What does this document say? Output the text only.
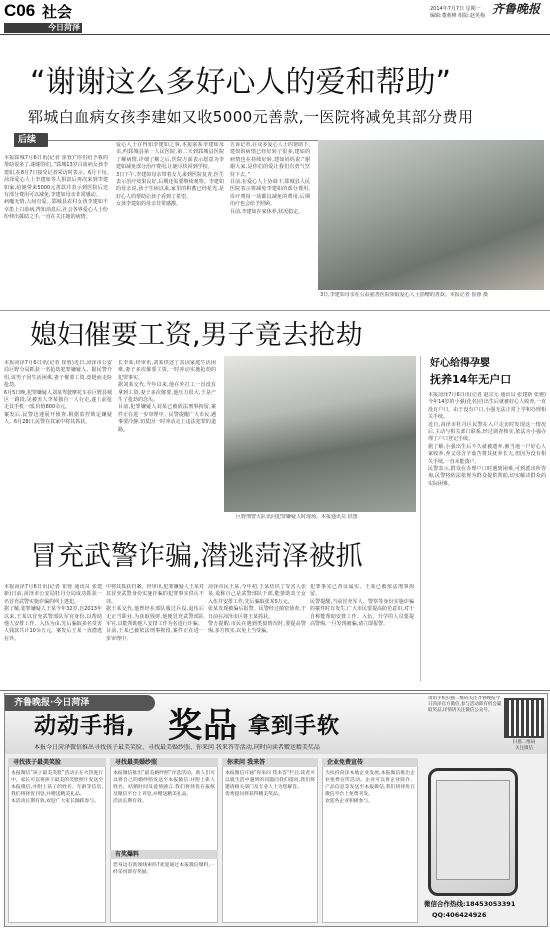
C06 社会
今日菏泽
2014年7月7日 星期一
编辑:董莉峰 组版:赵英梅 齐鲁晚报
“谢谢这么多好心人的爱和帮助”
郓城白血病女孩李建如又收5000元善款,一医院将减免其部分费用
后续
本报郓城7月6日讯(记者 崔蓉)“你们给予我的帮助很多了,谢谢你们。”郓城13岁白血病女孩李建如,在8月7日接受记者采访时表示。6月下旬,菏泽爱心人士李建如等人捐款后再次来到李建如家,给她带来5000元善款并表示到医院后还有部分费用可以减免,李建如母亲非常感动。
病魔无情,人间有爱。郓城县农村女孩李建如不幸患上白血病,得知消息后,社会各界爱心人士纷纷伸出援助之手,一直在关注她的病情。
爱心人士在得知李建如之事,本报联系李建如母亲,约郓城县第一人民医院,第二天到郓城县医院了解病情,详细了解之后,医院方面表示愿意为李建如减免部分治疗费用,让她尽快回到学校。
3日下午,李建如母亲带着女儿来到医院复查,医生表示治疗效果良好,后期还需要继续观察。李建如的母亲说,孩子生病以来,家里的积蓄已经花光,是好心人的帮助让孩子看到了希望。
女孩李建如的母亲非常感激。
告诉记者,在众多爱心人士的帮助下,建如的病情已经好转了很多,建如的病情也在持续好转,建如妈妈说:“谢谢大家,是你们的爱让我们有勇气坚持下去。”
目前,在爱心人士协调下,郓城县人民医院表示将减免李建如的部分费用,诊疗费每一项都以减免的费用,后期治疗也会给予照顾。
目前,李建如在家休养,状况稳定。
3日,李建如母亲在公益慈善医院领取爱心人士捐赠的善款。本报记者 崔蓉 摄
媳妇催要工资,男子竟去抢劫
本报菏泽7月6日讯(记者 崔蓉)近日,菏泽市公安局巨野分局抓获一名抢劫犯罪嫌疑人。据民警介绍,该男子因生活困难,妻子催要工资,竟铤而走险抢劫。
6月5日晚,犯罪嫌疑人刘某驾驶摩托车在巨野县城区一路段,见被害人李某独自一人行走,遂上前抢走其手机一部,价值800余元。
案发后,民警迅速展开侦查,根据监控锁定嫌疑人。6月28日,民警在其家中将其抓获。
长李某,经审讯,刘某供述了其因家庭生活困难,妻子多次催要工资,一时冲动实施抢劫的犯罪事实。
据刘某交代,今年以来,他在外打工一直没有拿到工资,妻子多次催要,他压力很大,于是产生了抢劫的念头。
目前,犯罪嫌疑人刘某已被依法刑事拘留,案件正在进一步审理中。民警提醒广大市民,遇事要冷静,切莫因一时冲动走上违法犯罪的道路。
巨野刑警大队讯问犯罪嫌疑人时现场。本报通讯员 供图
好心给得孕婴
抚养14年无户口
本报菏泽7月6日讯(记者 赵宗元 通讯员 张建新 张驰)今年14岁的小强(化名)自出生后就被好心人收养,一直没有户口。由于没有户口,小强无法正常上学和办理相关手续。
近日,菏泽市牡丹区民警在入户走访时发现这一情况后,主动与相关部门联系,经过调查核实,依法为小强办理了户口登记手续。
据了解,小强出生后不久就被遗弃,被当地一户好心人家收养,养父母含辛茹苦将其抚养长大,但因为没有相关手续,一直未能落户。
民警表示,群众在办理户口时遇到困难,可到派出所咨询,民警将依法依规为群众提供帮助,切实解决群众的实际困难。
冒充武警诈骗,潜逃菏泽被抓
本报菏泽7月6日讯(记者 崔蓉 通讯员 张建新)日前,菏泽市公安局牡丹分局成功抓获一名冒充武警实施诈骗的网上逃犯。
据了解,犯罪嫌疑人王某今年32岁,自2013年以来,王某以冒充武警部队军官身份,以帮助他人安排工作、入伍为由,先后骗取多名受害人钱款共计10余万元。案发后王某一直潜逃在外。
中将其抓获归案。经审讯,犯罪嫌疑人王某对其冒充武警身份实施诈骗的犯罪事实供认不讳。
据王某交代,他曾经在部队服过兵役,退伍后无正当职业,为获取钱财,他便冒充武警部队军官,以能帮助他人安排工作为名进行诈骗。
目前,王某已被依法刑事拘留,案件正在进一步审理中。
菏泽市民王某,今年初,王某结识了受害人张某,谎称自己是武警部队干部,能帮助其子女入伍并安排工作,先后骗取张某5万元。
张某发现被骗后报警。民警经过缜密侦查,于日前在菏泽市区将王某抓获。
警方提醒:市民在遇到类似情况时,要提高警惕,多方核实,以免上当受骗。
犯罪事实已查证属实。王某已被依法刑事拘留。
民警提醒,当前冒充军人、警察等身份实施诈骗的案件时有发生,广大市民要提高防范意识,对于自称能帮助安排工作、入伍、升学的人员要提高警惕,一旦发现被骗,请立即报警。
齐鲁晚报·今日菏泽
动动手指, 奖品 拿到手软
本报今日菏泽微信推出寻找孩子最美笑脸、寻找最美婚纱照、你来问 我来答等活动,同时向读者赠送精美奖品
请用手机扫描二维码关注齐鲁晚报今日菏泽官方微信,参与活动即有机会赢取奖品,详情请关注微信公众号。
扫描二维码
关注微信
寻找孩子最美笑脸
本报微信“孩子最美笑脸”活动正在火热进行中。家长可以将孩子最美的笑脸照片发送至本报微信,并附上孩子的姓名、年龄等信息,我们将择优刊登,并赠送精美礼品。
本活动长期有效,欢迎广大家长踊跃参与。
寻找最美婚纱照
本报微信推出“最美婚纱照”评选活动。新人们可以将自己的婚纱照发送至本报微信,并附上新人姓名、结婚时间及爱情感言,我们将择优在报纸及微信平台上刊登,并赠送精美礼品。
活动长期有效。
有奖爆料
您身边有新闻线索吗?欢迎通过本报微信爆料,一经采用即有奖励。
你来问 我来答
本报微信开通“你来问 我来答”栏目,读者可以就生活中遇到的问题向我们提问,我们将邀请相关部门及专业人士为您解答。
优秀提问将获得精美奖品。
企业免费宣传
为扶持菏泽本地企业发展,本报微信推出企业免费宣传活动。企业可以将企业简介、产品信息等发送至本报微信,我们将择优在微信平台上免费刊发。
欢迎各企业积极参与。
微信合作热线:18453053391
QQ:406424926
